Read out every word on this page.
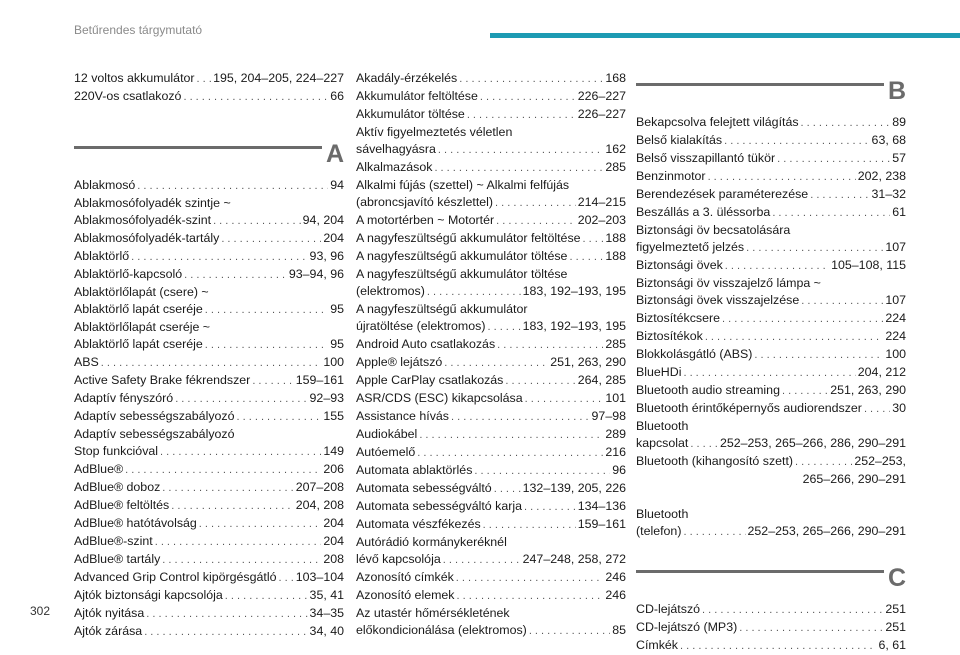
Betűrendes tárgymutató
12 voltos akkumulátor . . . 195, 204–205, 224–227
220V-os csatlakozó . . .	66
A
Ablakmosó . . .	94
Ablakmosófolyadék szintje ~
Ablakmosófolyadék-szint . . .	94, 204
Ablakmosófolyadék-tartály . . .	204
Ablaktörlő . . .	93, 96
Ablaktörlő-kapcsoló . . .	93–94, 96
Ablaktörlőlapát (csere) ~
Ablaktörlő lapát cseréje . . .	95
Ablaktörlőlapát cseréje ~
Ablaktörlő lapát cseréje . . .	95
ABS . . .	100
Active Safety Brake fékrendszer . . .	159–161
Adaptív fényszóró . . .	92–93
Adaptív sebességszabályozó . . .	155
Adaptív sebességszabályozó
Stop funkcióval . . .	149
AdBlue® . . .	206
AdBlue® doboz . . .	207–208
AdBlue® feltöltés . . .	204, 208
AdBlue® hatótávolság . . .	204
AdBlue®-szint . . .	204
AdBlue® tartály . . .	208
Advanced Grip Control kipörgésgátló . . . 103–104
Ajtók biztonsági kapcsolója . . .	35, 41
Ajtók nyitása . . .	34–35
Ajtók zárása . . .	34, 40
Akadály-érzékelés . . .	168
Akkumulátor feltöltése . . .	226–227
Akkumulátor töltése . . .	226–227
Aktív figyelmeztetés véletlen
sávelhagyásra . . .	162
Alkalmazások . . .	285
Alkalmi fújás (szettel) ~ Alkalmi felfújás
(abroncsjavító készlettel) . . .	214–215
A motortérben ~ Motortér . . .	202–203
A nagyfeszültségű akkumulátor feltöltése . . . 188
A nagyfeszültségű akkumulátor töltése . . .	188
A nagyfeszültségű akkumulátor töltése
(elektromos) . . .	183, 192–193, 195
A nagyfeszültségű akkumulátor
újratöltése (elektromos) . . .	183, 192–193, 195
Android Auto csatlakozás . . .	285
Apple® lejátszó . . .	251, 263, 290
Apple CarPlay csatlakozás . . .	264, 285
ASR/CDS (ESC) kikapcsolása . . .	101
Assistance hívás . . .	97–98
Audiokábel . . .	289
Autóemelő . . .	216
Automata ablaktörlés . . .	96
Automata sebességváltó . . . 132–139, 205, 226
Automata sebességváltó karja . . .	134–136
Automata vészfékezés . . .	159–161
Autórádió kormánykeréknél
lévő kapcsolója . . .	247–248, 258, 272
Azonosító címkék . . .	246
Azonosító elemek . . .	246
Az utastér hőmérsékletének
előkondicionálása (elektromos) . . .	85
B
Bekapcsolva felejtett világítás . . .	89
Belső kialakítás . . .	63, 68
Belső visszapillantó tükör . . .	57
Benzinmotor . . .	202, 238
Berendezések paraméterezése . . .	31–32
Beszállás a 3. üléssorba . . .	61
Biztonsági öv becsatolására
figyelmeztető jelzés . . .	107
Biztonsági övek . . .	105–108, 115
Biztonsági öv visszajelző lámpa ~
Biztonsági övek visszajelzése . . .	107
Biztosítékcsere . . .	224
Biztosítékok . . .	224
Blokkolásgátló (ABS) . . .	100
BlueHDi . . .	204, 212
Bluetooth audio streaming . . .	251, 263, 290
Bluetooth érintőképernyős audiorendszer . . . 30
Bluetooth
kapcsolat . . .	252–253, 265–266, 286, 290–291
Bluetooth (kihangosító szett) . . .	252–253,
265–266, 290–291
Bluetooth
(telefon) . . .	252–253, 265–266, 290–291
C
CD-lejátszó . . .	251
CD-lejátszó (MP3) . . .	251
Címkék . . .	6, 61
302
